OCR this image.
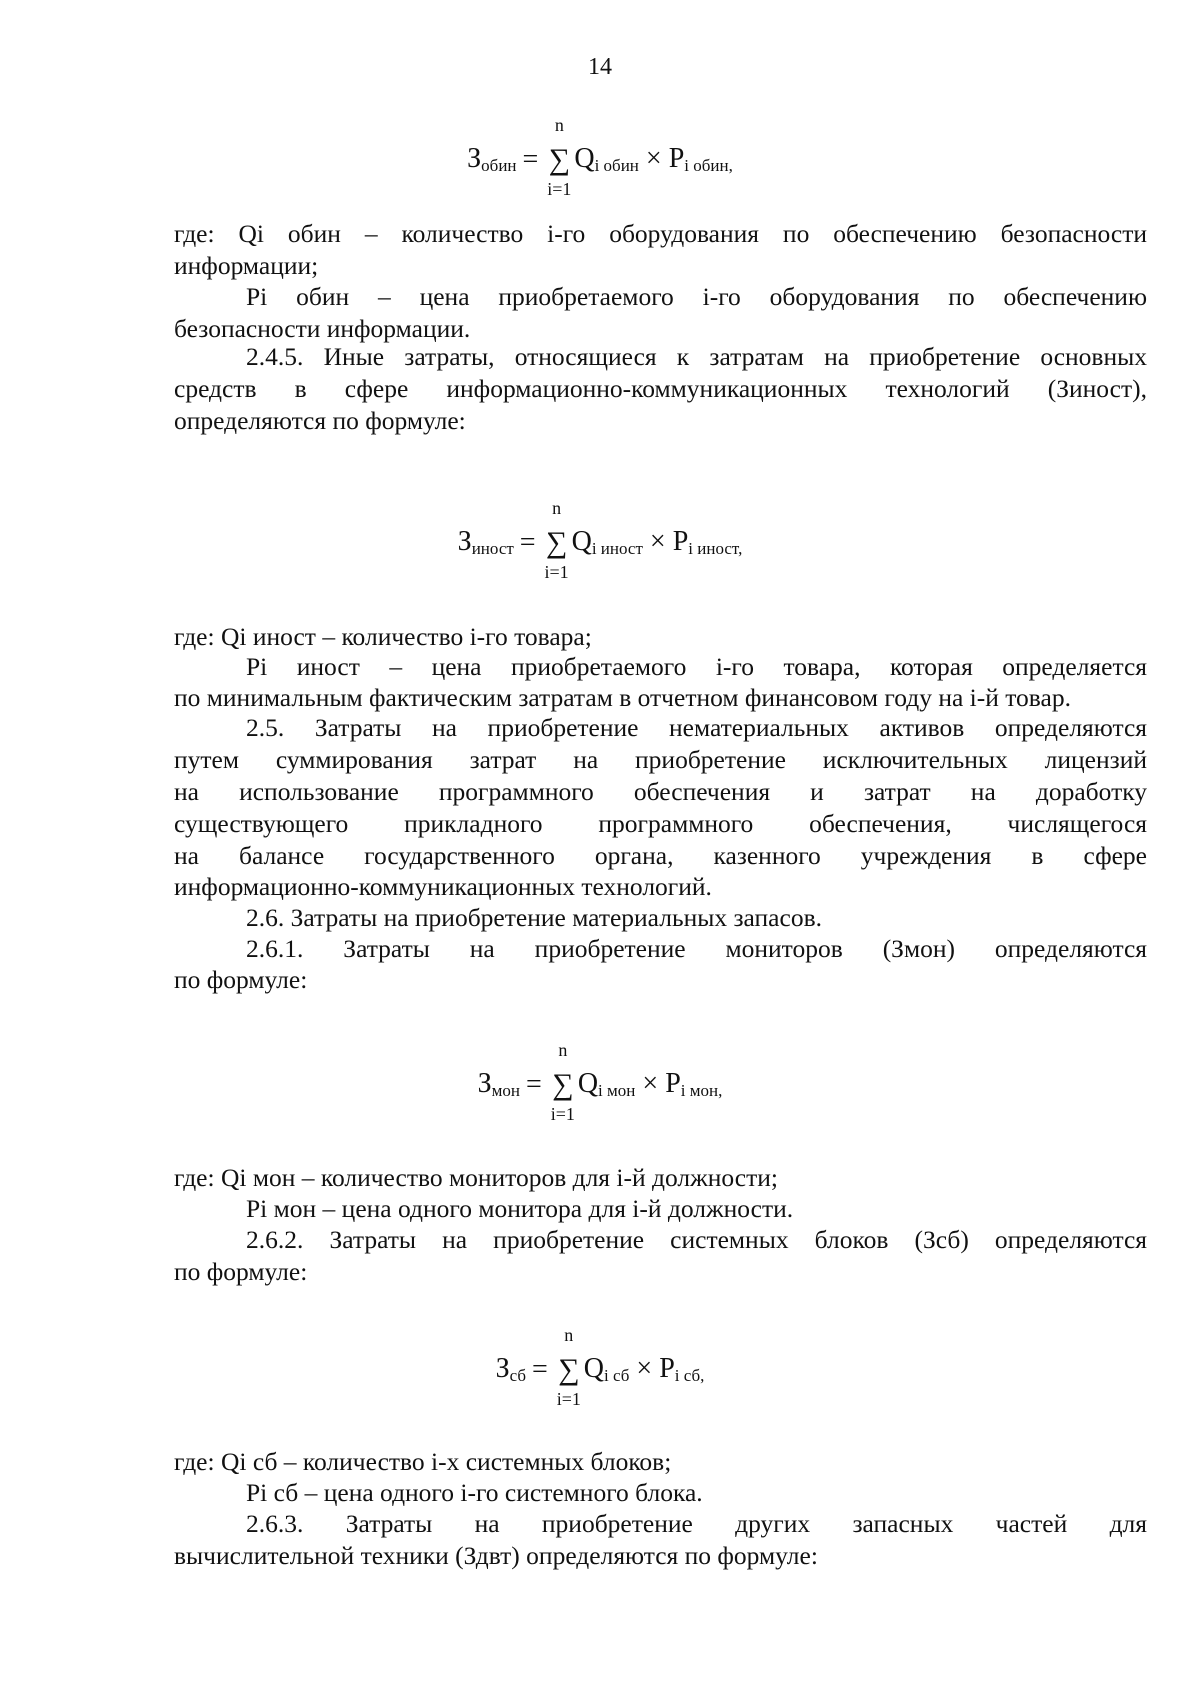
14
$З_{обин}$ =
n
∑
i=1
$Q_{i обин} \times P_{i обин,}$
где: Qi обин – количество i-го оборудования по обеспечению безопасности
информации;
Pi обин – цена приобретаемого i-го оборудования по обеспечению
безопасности информации.
2.4.5. Иные затраты, относящиеся к затратам на приобретение основных
средств в сфере информационно-коммуникационных технологий (Зиност),
определяются по формуле:
$З_{иност}$ =
n
∑
i=1
$Q_{i иност} \times P_{i иност,}$
где: Qi иност – количество i-го товара;
Pi иност – цена приобретаемого i-го товара, которая определяется
по минимальным фактическим затратам в отчетном финансовом году на i-й товар.
2.5. Затраты на приобретение нематериальных активов определяются
путем суммирования затрат на приобретение исключительных лицензий
на использование программного обеспечения и затрат на доработку
существующего прикладного программного обеспечения, числящегося
на балансе государственного органа, казенного учреждения в сфере
информационно-коммуникационных технологий.
2.6. Затраты на приобретение материальных запасов.
2.6.1. Затраты на приобретение мониторов (Змон) определяются
по формуле:
$З_{мон}$ =
n
∑
i=1
$Q_{i мон} \times P_{i мон,}$
где: Qi мон – количество мониторов для i-й должности;
Pi мон – цена одного монитора для i-й должности.
2.6.2. Затраты на приобретение системных блоков (Зсб) определяются
по формуле:
$З_{сб}$ =
n
∑
i=1
$Q_{i сб} \times P_{i сб,}$
где: Qi сб – количество i-х системных блоков;
Pi сб – цена одного i-го системного блока.
2.6.3. Затраты на приобретение других запасных частей для
вычислительной техники (Здвт) определяются по формуле:
